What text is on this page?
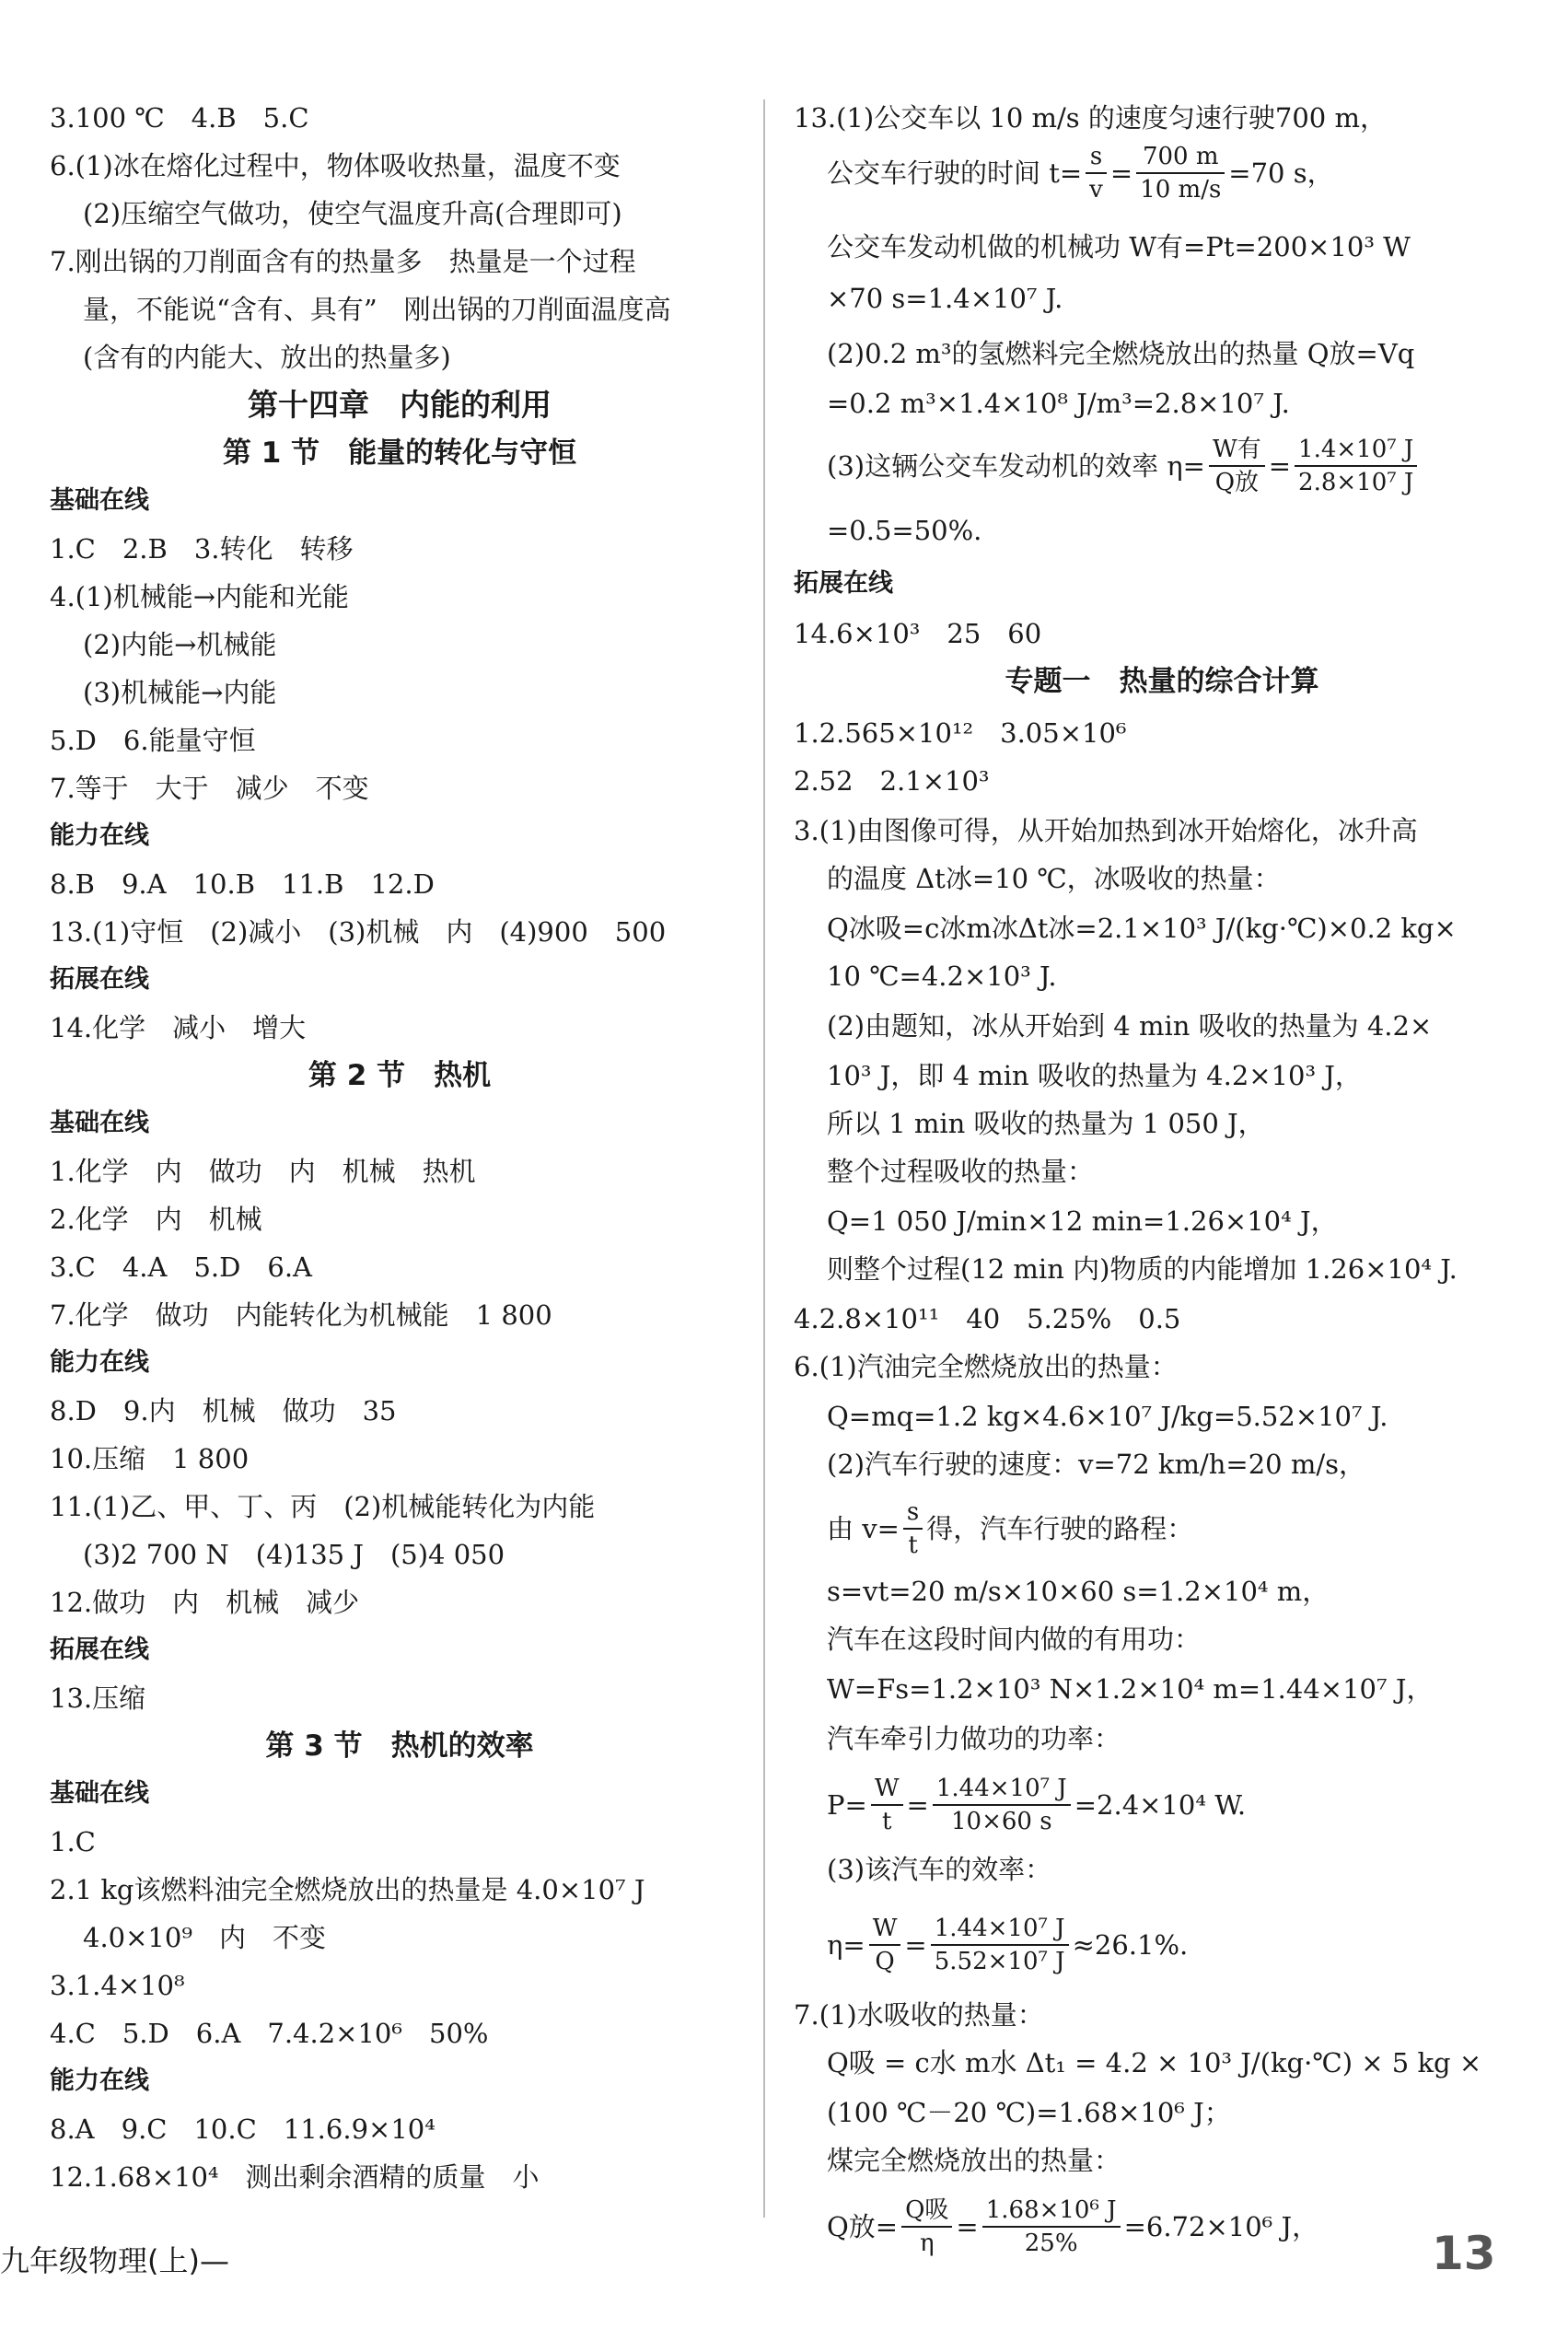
3.100 ℃　4.B　5.C
6.(1)冰在熔化过程中，物体吸收热量，温度不变
(2)压缩空气做功，使空气温度升高(合理即可)
7.刚出锅的刀削面含有的热量多　热量是一个过程
量，不能说“含有、具有”　刚出锅的刀削面温度高
(含有的内能大、放出的热量多)
第十四章　内能的利用
第 1 节　能量的转化与守恒
基础在线
1.C　2.B　3.转化　转移
4.(1)机械能→内能和光能
(2)内能→机械能
(3)机械能→内能
5.D　6.能量守恒
7.等于　大于　减少　不变
能力在线
8.B　9.A　10.B　11.B　12.D
13.(1)守恒　(2)减小　(3)机械　内　(4)900　500
拓展在线
14.化学　减小　增大
第 2 节　热机
基础在线
1.化学　内　做功　内　机械　热机
2.化学　内　机械
3.C　4.A　5.D　6.A
7.化学　做功　内能转化为机械能　1 800
能力在线
8.D　9.内　机械　做功　35
10.压缩　1 800
11.(1)乙、甲、丁、丙　(2)机械能转化为内能
(3)2 700 N　(4)135 J　(5)4 050
12.做功　内　机械　减少
拓展在线
13.压缩
第 3 节　热机的效率
基础在线
1.C
2.1 kg该燃料油完全燃烧放出的热量是 4.0×10⁷ J
4.0×10⁹　内　不变
3.1.4×10⁸
4.C　5.D　6.A　7.4.2×10⁶　50%
能力在线
8.A　9.C　10.C　11.6.9×10⁴
12.1.68×10⁴　测出剩余酒精的质量　小
13.(1)公交车以 10 m/s 的速度匀速行驶700 m，
公交车行驶的时间 $t= \frac{s}{v} = \frac{700 m}{10 m/s} =70$ s，
公交车发动机做的机械功 W有=Pt=200×10³ W
×70 s=1.4×10⁷ J.
(2)0.2 m³的氢燃料完全燃烧放出的热量 Q放=Vq
=0.2 m³×1.4×10⁸ J/m³=2.8×10⁷ J.
(3)这辆公交车发动机的效率 $\eta= \frac{\text{W有}}{\text{Q放}} = \frac{\text{1.4×10⁷ J}}{\text{2.8×10⁷ J}}$
=0.5=50%.
拓展在线
14.6×10³　25　60
专题一　热量的综合计算
1.2.565×10¹²　3.05×10⁶
2.52　2.1×10³
3.(1)由图像可得，从开始加热到冰开始熔化，冰升高
的温度 Δt冰=10 ℃，冰吸收的热量：
Q冰吸=c冰m冰Δt冰=2.1×10³ J/(kg·℃)×0.2 kg×
10 ℃=4.2×10³ J.
(2)由题知，冰从开始到 4 min 吸收的热量为 4.2×
10³ J，即 4 min 吸收的热量为 4.2×10³ J，
所以 1 min 吸收的热量为 1 050 J，
整个过程吸收的热量：
Q=1 050 J/min×12 min=1.26×10⁴ J，
则整个过程(12 min 内)物质的内能增加 1.26×10⁴ J.
4.2.8×10¹¹　40　5.25%　0.5
6.(1)汽油完全燃烧放出的热量：
Q=mq=1.2 kg×4.6×10⁷ J/kg=5.52×10⁷ J.
(2)汽车行驶的速度：v=72 km/h=20 m/s，
由 $v= \frac{s}{t}$ 得，汽车行驶的路程：
s=vt=20 m/s×10×60 s=1.2×10⁴ m，
汽车在这段时间内做的有用功：
W=Fs=1.2×10³ N×1.2×10⁴ m=1.44×10⁷ J，
汽车牵引力做功的功率：
$P= \frac{W}{t} = \frac{\text{1.44×10⁷ J}}{10\times 60 s} =2.4\times 10^4$ W.
(3)该汽车的效率：
$\eta= \frac{W}{Q} = \frac{\text{1.44×10⁷ J}}{\text{5.52×10⁷ J}} \approx 26.1\%$.
7.(1)水吸收的热量：
Q吸 = c水 m水 Δt₁ = 4.2 × 10³ J/(kg·℃) × 5 kg ×
(100 ℃－20 ℃)=1.68×10⁶ J；
煤完全燃烧放出的热量：
Q放= $\frac{\text{Q吸}}{\eta} = \frac{\text{1.68×10⁶ J}}{25\%} =6.72\times 10^6$ J，
九年级物理(上)—	13
